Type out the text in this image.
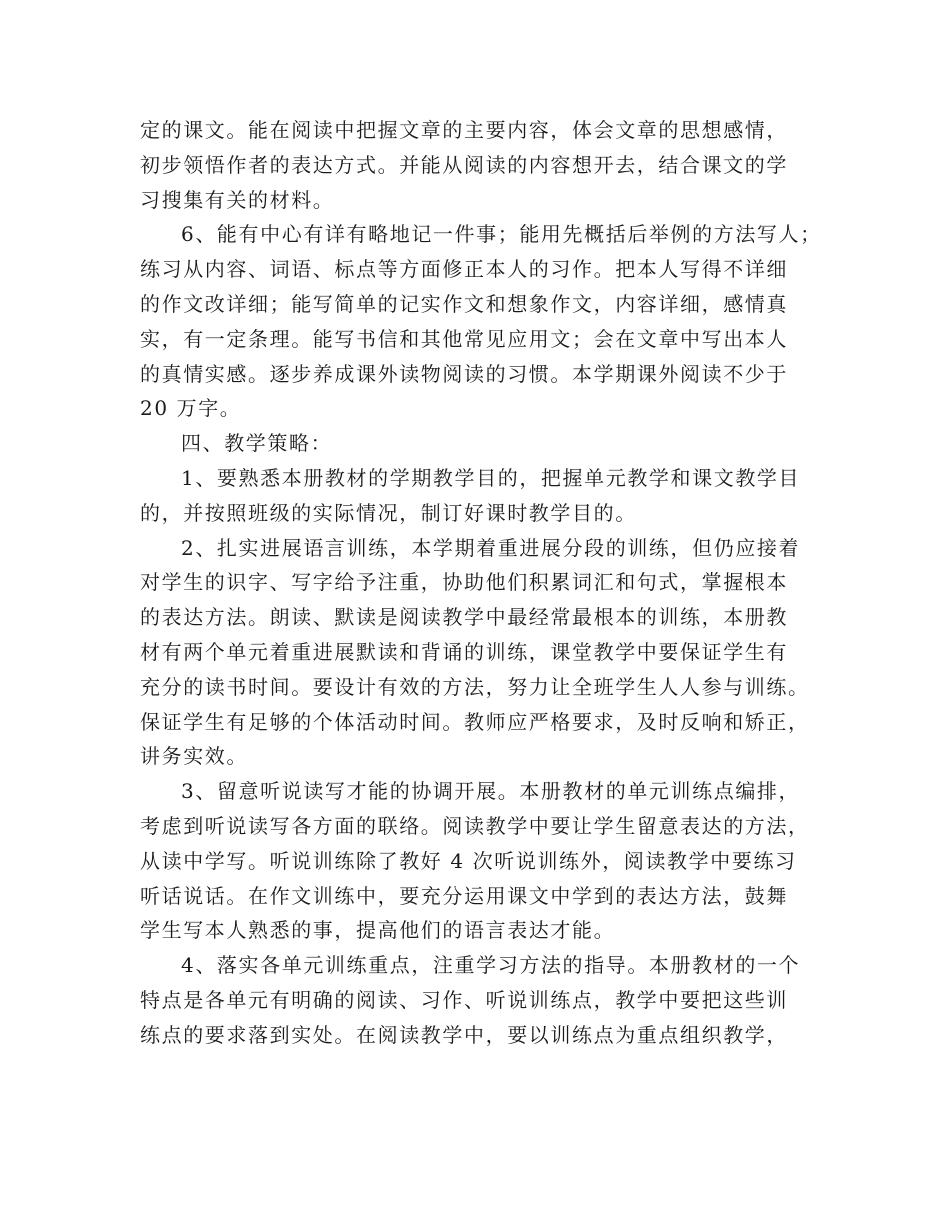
定的课文。能在阅读中把握文章的主要内容，体会文章的思想感情，
初步领悟作者的表达方式。并能从阅读的内容想开去，结合课文的学
习搜集有关的材料。
6、能有中心有详有略地记一件事；能用先概括后举例的方法写人；
练习从内容、词语、标点等方面修正本人的习作。把本人写得不详细
的作文改详细；能写简单的记实作文和想象作文，内容详细，感情真
实，有一定条理。能写书信和其他常见应用文；会在文章中写出本人
的真情实感。逐步养成课外读物阅读的习惯。本学期课外阅读不少于
20 万字。
四、教学策略：
1、要熟悉本册教材的学期教学目的，把握单元教学和课文教学目
的，并按照班级的实际情况，制订好课时教学目的。
2、扎实进展语言训练，本学期着重进展分段的训练，但仍应接着
对学生的识字、写字给予注重，协助他们积累词汇和句式，掌握根本
的表达方法。朗读、默读是阅读教学中最经常最根本的训练，本册教
材有两个单元着重进展默读和背诵的训练，课堂教学中要保证学生有
充分的读书时间。要设计有效的方法，努力让全班学生人人参与训练。
保证学生有足够的个体活动时间。教师应严格要求，及时反响和矫正，
讲务实效。
3、留意听说读写才能的协调开展。本册教材的单元训练点编排，
考虑到听说读写各方面的联络。阅读教学中要让学生留意表达的方法，
从读中学写。听说训练除了教好 4 次听说训练外，阅读教学中要练习
听话说话。在作文训练中，要充分运用课文中学到的表达方法，鼓舞
学生写本人熟悉的事，提高他们的语言表达才能。
4、落实各单元训练重点，注重学习方法的指导。本册教材的一个
特点是各单元有明确的阅读、习作、听说训练点，教学中要把这些训
练点的要求落到实处。在阅读教学中，要以训练点为重点组织教学，
